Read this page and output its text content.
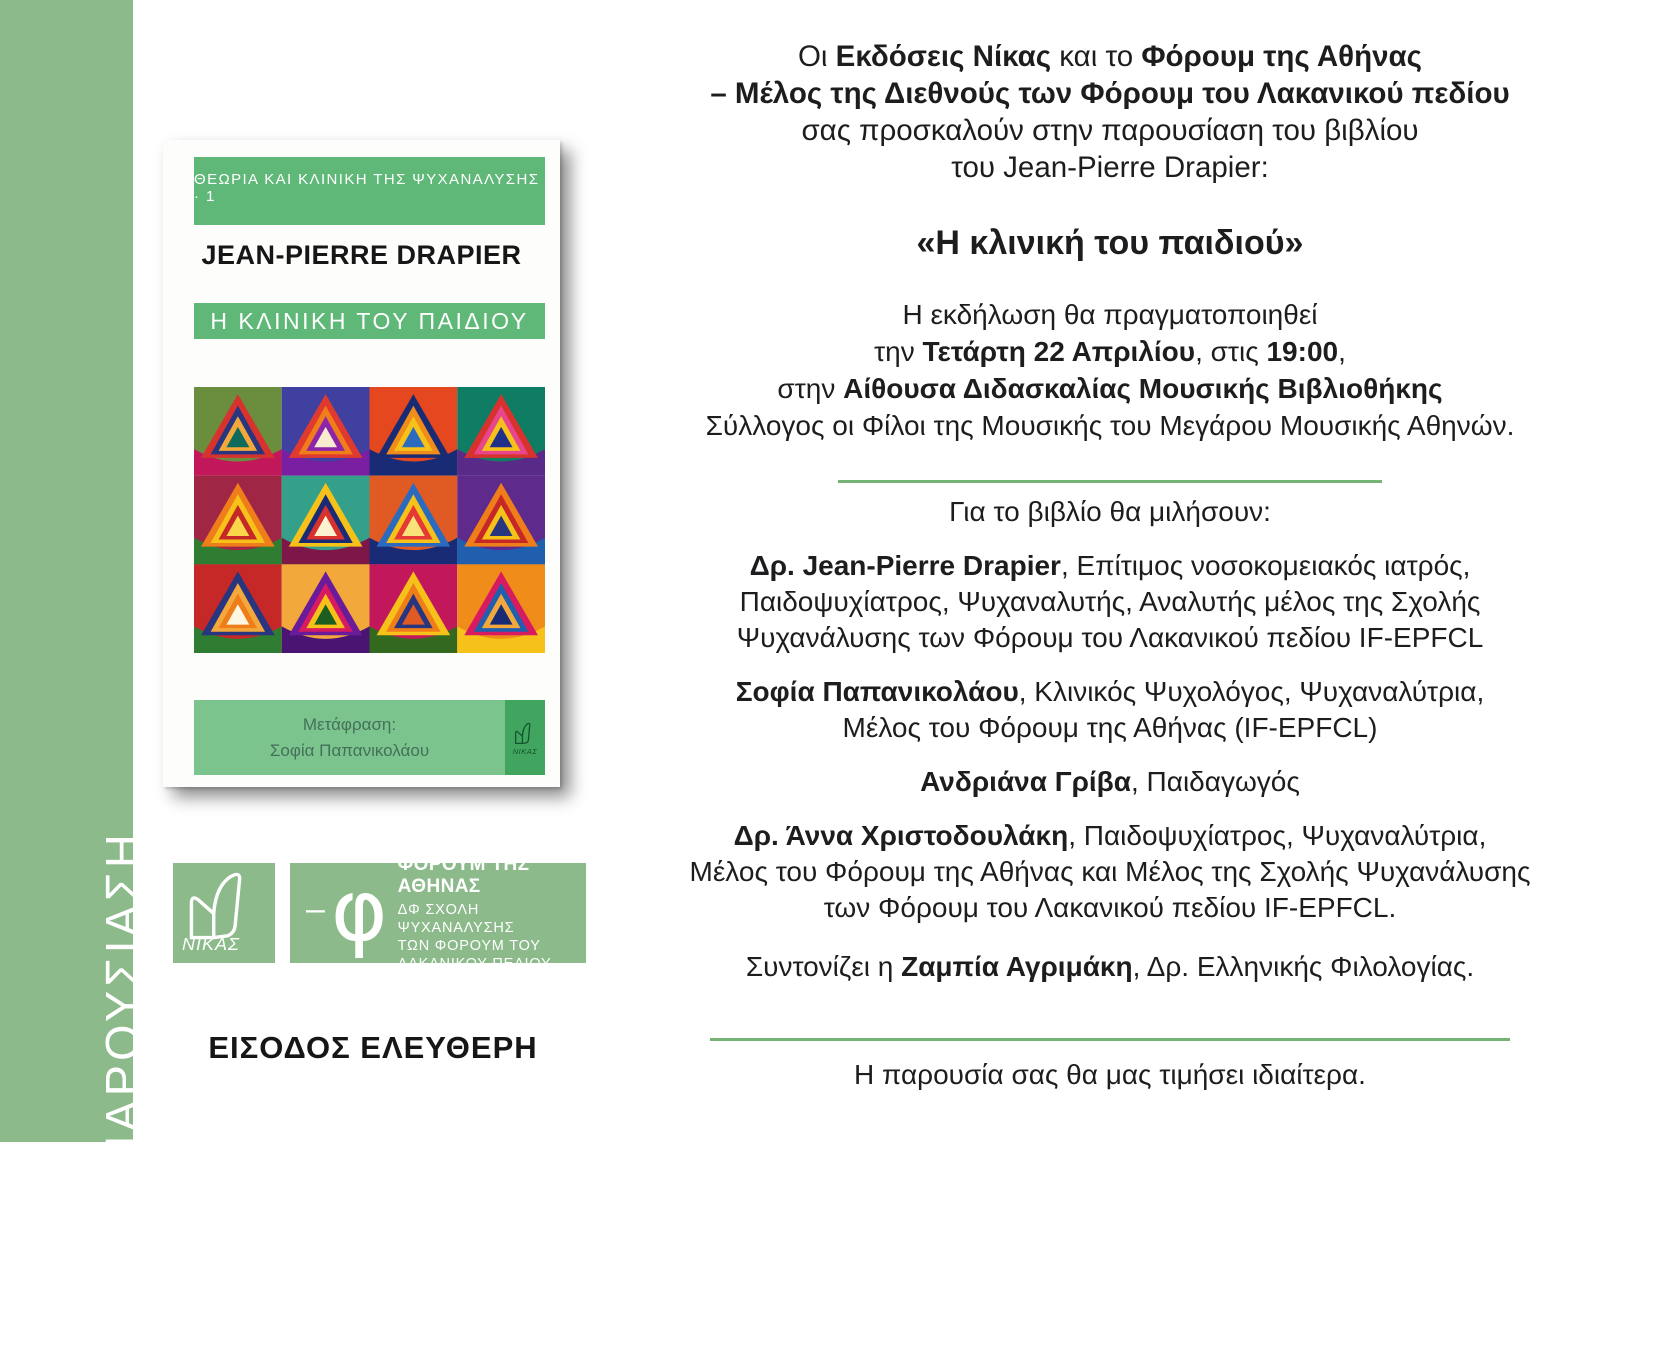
ΒΙΒΛΙΟΠΑΡΟΥΣΙΑΣΗ
ΘΕΩΡΙΑ ΚΑΙ ΚΛΙΝΙΚΗ ΤΗΣ ΨΥΧΑΝΑΛΥΣΗΣ · 1
JEAN-PIERRE DRAPIER
Η ΚΛΙΝΙΚΗ ΤΟΥ ΠΑΙΔΙΟΥ
Μετάφραση:
Σοφία Παπανικολάου	ΝΙΚΑΣ
ΝΙΚΑΣ
– φ ΦΟΡΟΥΜ ΤΗΣ ΑΘΗΝΑΣ
ΔΦ ΣΧΟΛΗ ΨΥΧΑΝΑΛΥΣΗΣ
ΤΩΝ ΦΟΡΟΥΜ ΤΟΥ
ΛΑΚΑΝΙΚΟΥ ΠΕΔΙΟΥ
ΕΙΣΟΔΟΣ ΕΛΕΥΘΕΡΗ
Οι Εκδόσεις Νίκας και το Φόρουμ της Αθήνας
– Μέλος της Διεθνούς των Φόρουμ του Λακανικού πεδίου
σας προσκαλούν στην παρουσίαση του βιβλίου
του Jean-Pierre Drapier:
«Η κλινική του παιδιού»
Η εκδήλωση θα πραγματοποιηθεί
την Τετάρτη 22 Απριλίου, στις 19:00,
στην Αίθουσα Διδασκαλίας Μουσικής Βιβλιοθήκης
Σύλλογος οι Φίλοι της Μουσικής του Μεγάρου Μουσικής Αθηνών.
Για το βιβλίο θα μιλήσουν:
Δρ. Jean-Pierre Drapier, Επίτιμος νοσοκομειακός ιατρός,
Παιδοψυχίατρος, Ψυχαναλυτής, Αναλυτής μέλος της Σχολής
Ψυχανάλυσης των Φόρουμ του Λακανικού πεδίου IF-EPFCL
Σοφία Παπανικολάου, Κλινικός Ψυχολόγος, Ψυχαναλύτρια,
Μέλος του Φόρουμ της Αθήνας (IF-EPFCL)
Ανδριάνα Γρίβα, Παιδαγωγός
Δρ. Άννα Χριστοδουλάκη, Παιδοψυχίατρος, Ψυχαναλύτρια,
Μέλος του Φόρουμ της Αθήνας και Μέλος της Σχολής Ψυχανάλυσης
των Φόρουμ του Λακανικού πεδίου IF-EPFCL.
Συντονίζει η Ζαμπία Αγριμάκη, Δρ. Ελληνικής Φιλολογίας.
Η παρουσία σας θα μας τιμήσει ιδιαίτερα.
